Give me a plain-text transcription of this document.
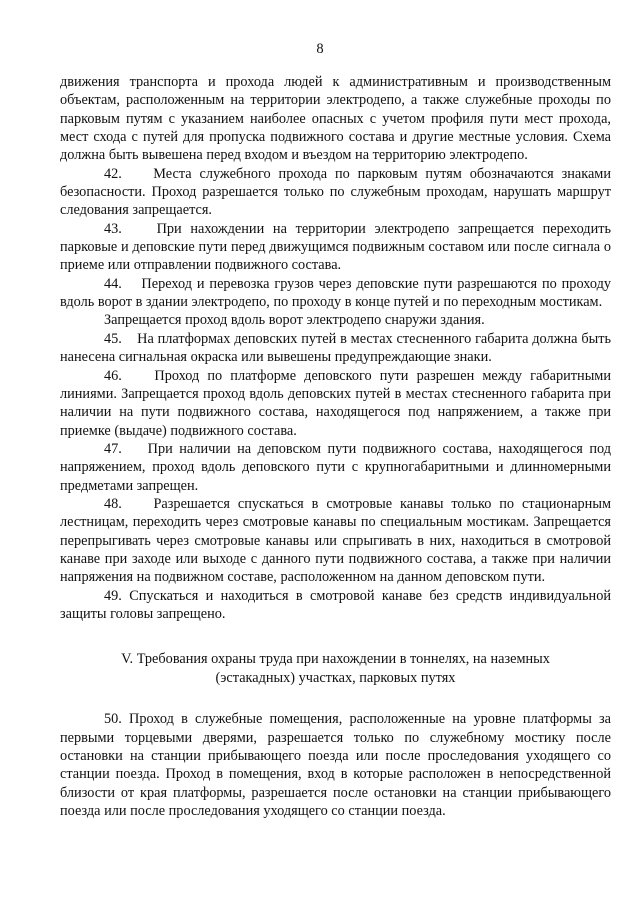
8

движения транспорта и прохода людей к административным и производственным объектам, расположенным на территории электродепо, а также служебные проходы по парковым путям с указанием наиболее опасных с учетом профиля пути мест прохода, мест схода с путей для пропуска подвижного состава и другие местные условия. Схема должна быть вывешена перед входом и въездом на территорию электродепо.

42.    Места служебного прохода по парковым путям обозначаются знаками безопасности. Проход разрешается только по служебным проходам, нарушать маршрут следования запрещается.

43.    При нахождении на территории электродепо запрещается переходить парковые и деповские пути перед движущимся подвижным составом или после сигнала о приеме или отправлении подвижного состава.

44.    Переход и перевозка грузов через деповские пути разрешаются по проходу вдоль ворот в здании электродепо, по проходу в конце путей и по переходным мостикам.

Запрещается проход вдоль ворот электродепо снаружи здания.

45.    На платформах деповских путей в местах стесненного габарита должна быть нанесена сигнальная окраска или вывешены предупреждающие знаки.

46.    Проход по платформе деповского пути разрешен между габаритными линиями. Запрещается проход вдоль деповских путей в местах стесненного габарита при наличии на пути подвижного состава, находящегося под напряжением, а также при приемке (выдаче) подвижного состава.

47.    При наличии на деповском пути подвижного состава, находящегося под напряжением, проход вдоль деповского пути с крупногабаритными и длинномерными предметами запрещен.

48.    Разрешается спускаться в смотровые канавы только по стационарным лестницам, переходить через смотровые канавы по специальным мостикам. Запрещается перепрыгивать через смотровые канавы или спрыгивать в них, находиться в смотровой канаве при заходе или выходе с данного пути подвижного состава, а также при наличии напряжения на подвижном составе, расположенном на данном деповском пути.

49. Спускаться и находиться в смотровой канаве без средств индивидуальной защиты головы запрещено.

V. Требования охраны труда при нахождении в тоннелях, на наземных
(эстакадных) участках, парковых путях

50. Проход в служебные помещения, расположенные на уровне платформы за первыми торцевыми дверями, разрешается только по служебному мостику после остановки на станции прибывающего поезда или после проследования уходящего со станции поезда. Проход в помещения, вход в которые расположен в непосредственной близости от края платформы, разрешается после остановки на станции прибывающего поезда или после проследования уходящего со станции поезда.
